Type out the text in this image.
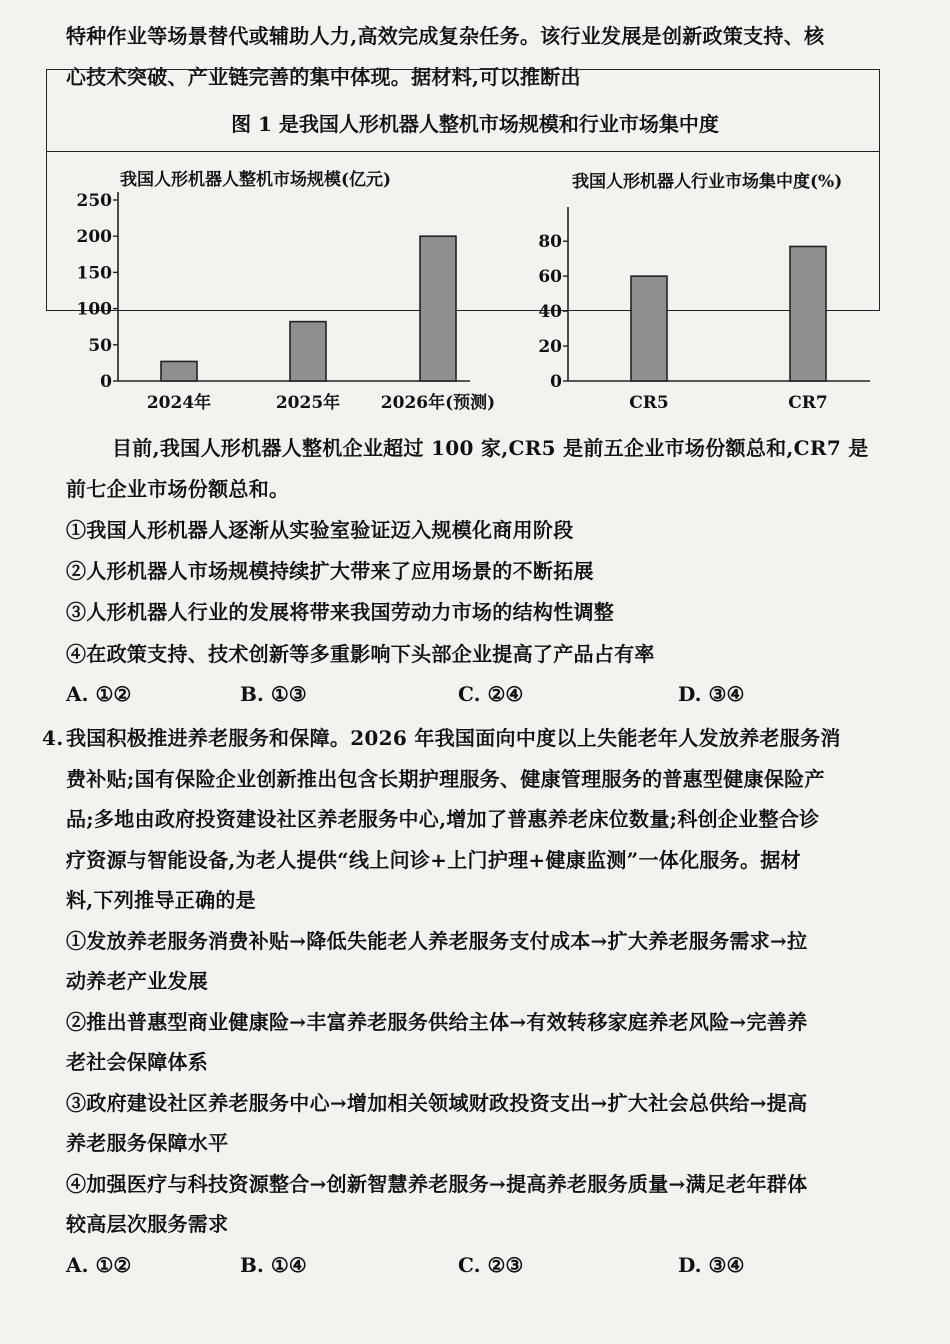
特种作业等场景替代或辅助人力,高效完成复杂任务。该行业发展是创新政策支持、核
心技术突破、产业链完善的集中体现。据材料,可以推断出
图 1 是我国人形机器人整机市场规模和行业市场集中度
我国人形机器人整机市场规模(亿元)	我国人形机器人行业市场集中度(%)
0
50
100
150
200
250
2024年	2025年 2026年(预测)
0
20
40
60
80
CR5	CR7
目前,我国人形机器人整机企业超过 100 家,CR5 是前五企业市场份额总和,CR7 是
前七企业市场份额总和。
①我国人形机器人逐渐从实验室验证迈入规模化商用阶段
②人形机器人市场规模持续扩大带来了应用场景的不断拓展
③人形机器人行业的发展将带来我国劳动力市场的结构性调整
④在政策支持、技术创新等多重影响下头部企业提高了产品占有率
A. ①②	B. ①③	C. ②④	D. ③④
4. 我国积极推进养老服务和保障。2026 年我国面向中度以上失能老年人发放养老服务消
费补贴;国有保险企业创新推出包含长期护理服务、健康管理服务的普惠型健康保险产
品;多地由政府投资建设社区养老服务中心,增加了普惠养老床位数量;科创企业整合诊
疗资源与智能设备,为老人提供“线上问诊+上门护理+健康监测”一体化服务。据材
料,下列推导正确的是
①发放养老服务消费补贴→降低失能老人养老服务支付成本→扩大养老服务需求→拉
动养老产业发展
②推出普惠型商业健康险→丰富养老服务供给主体→有效转移家庭养老风险→完善养
老社会保障体系
③政府建设社区养老服务中心→增加相关领域财政投资支出→扩大社会总供给→提高
养老服务保障水平
④加强医疗与科技资源整合→创新智慧养老服务→提高养老服务质量→满足老年群体
较高层次服务需求
A. ①②	B. ①④	C. ②③	D. ③④
